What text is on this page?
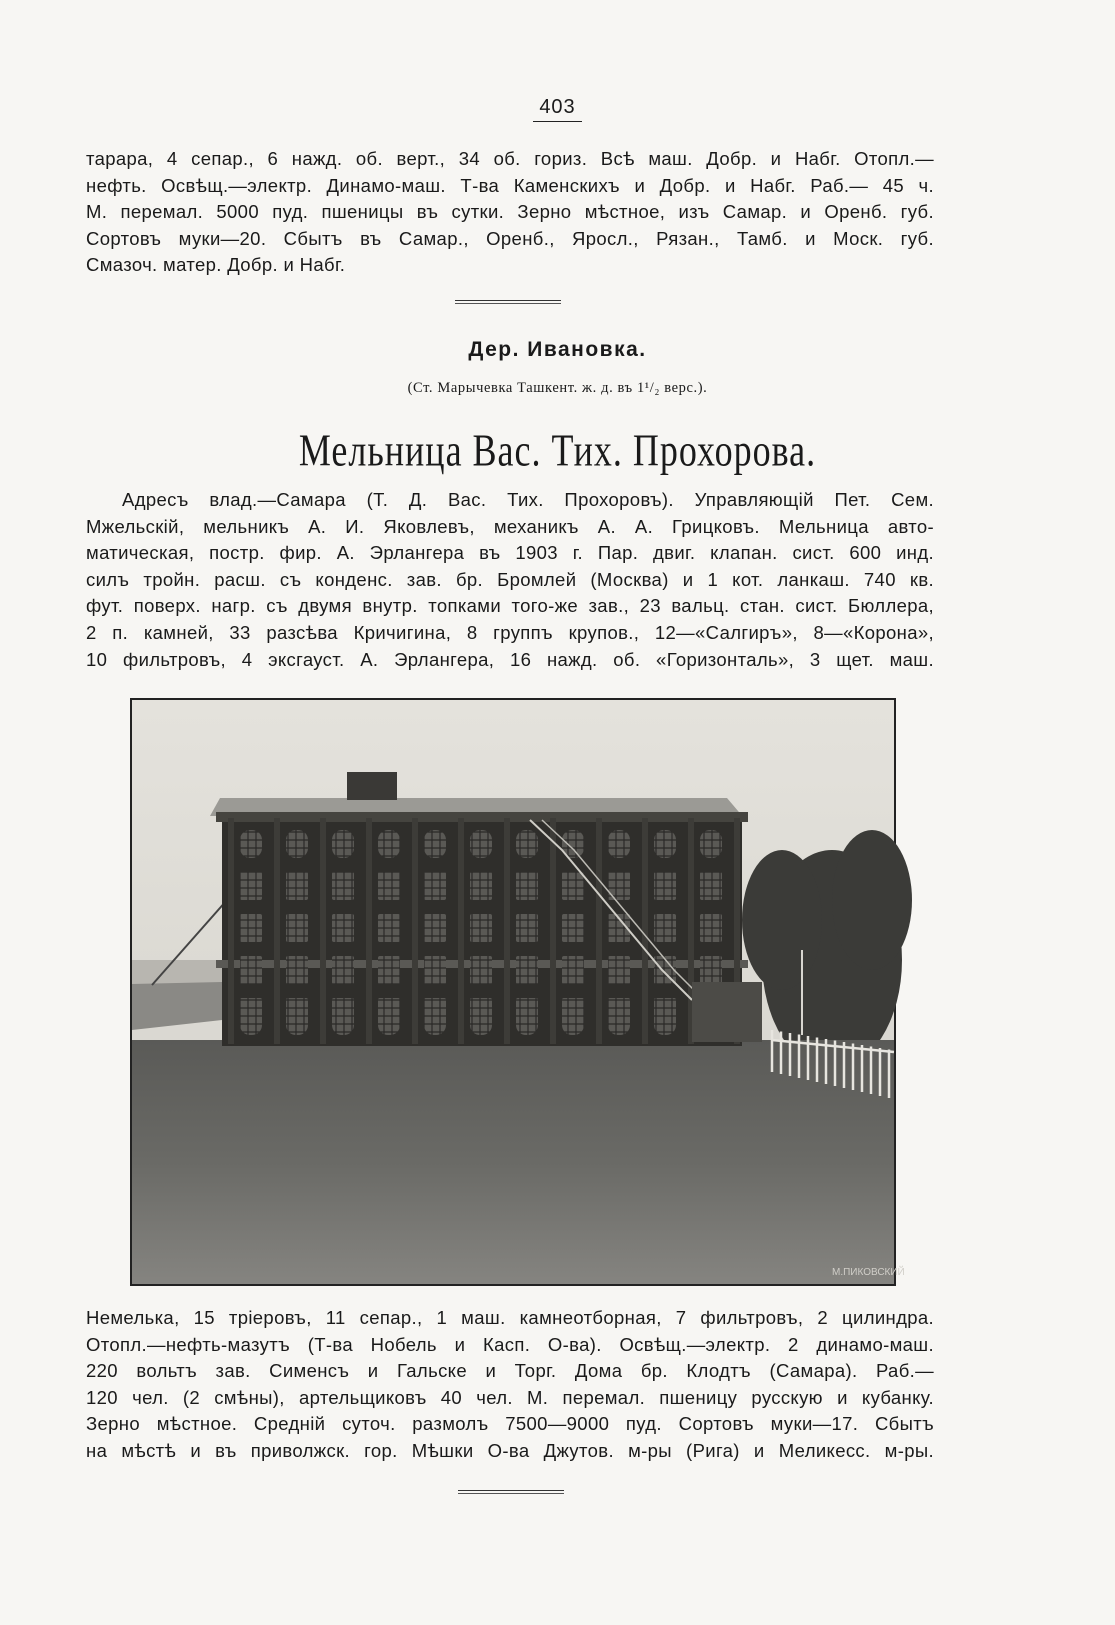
403
тарара, 4 сепар., 6 нажд. об. верт., 34 об. гориз. Всѣ маш. Добр. и Набг. Отопл.—
нефть. Освѣщ.—электр. Динамо-маш. Т-ва Каменскихъ и Добр. и Набг. Раб.— 45 ч.
М. перемал. 5000 пуд. пшеницы въ сутки. Зерно мѣстное, изъ Самар. и Оренб. губ.
Сортовъ муки—20. Сбытъ въ Самар., Оренб., Яросл., Рязан., Тамб. и Моск. губ.
Смазоч. матер. Добр. и Набг.
Дер. Ивановка.
(Ст. Марычевка Ташкент. ж. д. въ 1¹/₂ верс.).
Мельница Вас. Тих. Прохорова.
Адресъ влад.—Самара (Т. Д. Вас. Тих. Прохоровъ). Управляющій Пет. Сем.
Мжельскій, мельникъ А. И. Яковлевъ, механикъ А. А. Грицковъ. Мельница авто-
матическая, постр. фир. А. Эрлангера въ 1903 г. Пар. двиг. клапан. сист. 600 инд.
силъ тройн. расш. съ конденс. зав. бр. Бромлей (Москва) и 1 кот. ланкаш. 740 кв.
фут. поверх. нагр. съ двумя внутр. топками того-же зав., 23 вальц. стан. сист. Бюллера,
2 п. камней, 33 разсѣва Кричигина, 8 группъ крупов., 12—«Салгиръ», 8—«Корона»,
10 фильтровъ, 4 эксгауст. А. Эрлангера, 16 нажд. об. «Горизонталь», 3 щет. маш.
М.ПИКОВСКИЙ
Немелька, 15 тріеровъ, 11 сепар., 1 маш. камнеотборная, 7 фильтровъ, 2 цилиндра.
Отопл.—нефть-мазутъ (Т-ва Нобель и Касп. О-ва). Освѣщ.—электр. 2 динамо-маш.
220 вольтъ зав. Сименсъ и Гальске и Торг. Дома бр. Клодтъ (Самара). Раб.—
120 чел. (2 смѣны), артельщиковъ 40 чел. М. перемал. пшеницу русскую и кубанку.
Зерно мѣстное. Средній суточ. размолъ 7500—9000 пуд. Сортовъ муки—17. Сбытъ
на мѣстѣ и въ приволжск. гор. Мѣшки О-ва Джутов. м-ры (Рига) и Меликесс. м-ры.
